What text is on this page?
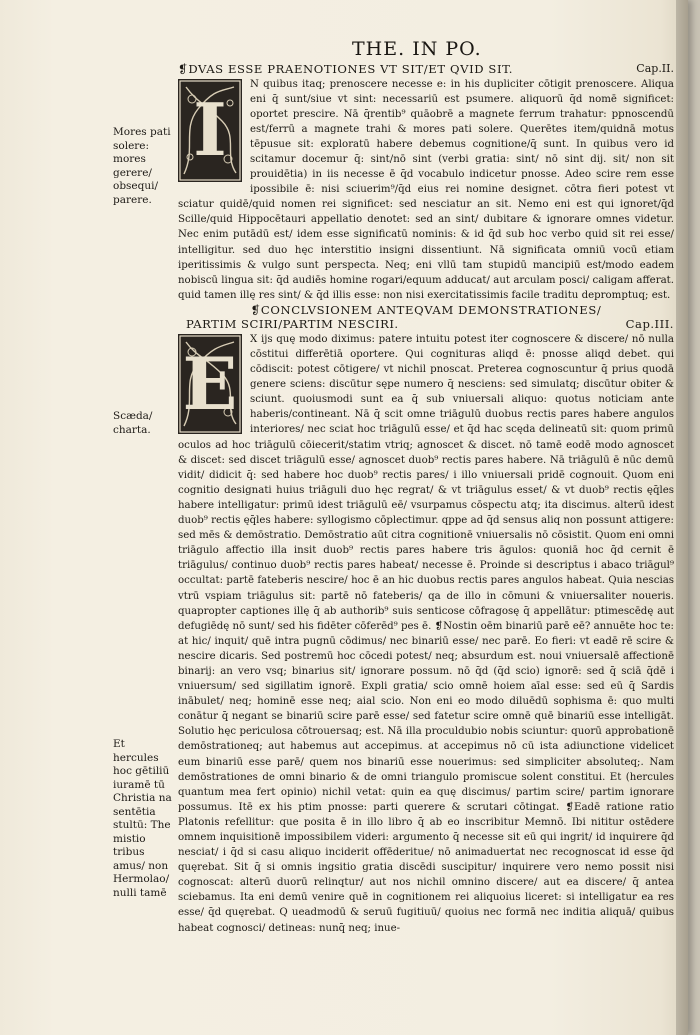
THE. IN PO.
Mores pati solere: mores gerere/ obsequi/ parere.
Scæda/ charta.
Et hercules hoc gētiliū iuramē tū Christia na sentētia stultū: The mistio tribus amus/ non Hermolao/ nulli tamē
❡DVAS ESSE PRAENOTIONES VT SIT/ET QVID SIT.	Cap.II.
I

N quibus itaq; prenoscere necesse e: in his dupliciter cōtigit prenoscere. Aliqua eni q̄ sunt/siue vt sint: necessariū est psumere. aliquorū q̄d nomē significet: oportet prescire. Nā q̄rentib⁹ quāobrē a magnete ferrum trahatur: ppnoscendū est/ferrū a magnete trahi & mores pati solere. Querētes item/quidnā motus tēpusue sit: exploratū habere debemus cognitione/q̄ sunt. In quibus vero id scitamur docemur q̄: sint/nō sint (verbi gratia: sint/ nō sint dij. sit/ non sit prouidētia) in iis necesse ē q̄d vocabulo indicetur pnosse. Adeo scire rem esse ipossibile ē: nisi sciuerim⁹/q̄d eius rei nomine designet. cōtra fieri potest vt sciatur quidē/quid nomen rei significet: sed nesciatur an sit. Nemo eni est qui ignoret/q̄d Scille/quid Hippocētauri appellatio denotet: sed an sint/ dubitare & ignorare omnes videtur. Nec enim putādū est/ idem esse significatū nominis: & id q̄d sub hoc verbo quid sit rei esse/ intelligitur. sed duo hęc interstitio insigni dissentiunt. Nā significata omniū vocū etiam iperitissimis & vulgo sunt perspecta. Neq; eni vllū tam stupidū mancipiū est/modo eadem nobiscū lingua sit: q̄d audiēs homine rogari/equum adducat/ aut arculam posci/ caligam afferat. quid tamen illę res sint/ & q̄d illis esse: non nisi exercitatissimis facile traditu depromptuq; est.

❡CONCLVSIONEM ANTEQVAM DEMONSTRATIONES/
PARTIM SCIRI/PARTIM NESCIRI.	Cap.III.
E

X ijs quę modo diximus: patere intuitu potest iter cognoscere & discere/ nō nulla cōstitui differētiā oportere. Qui cognituras aliqd ē: pnosse aliqd debet. qui cōdiscit: potest cōtigere/ vt nichil pnoscat. Preterea cognoscuntur q̄ prius quodā genere sciens: discūtur sępe numero q̄ nesciens: sed simulatq; discūtur obiter & sciunt. quoiusmodi sunt ea q̄ sub vniuersali aliquo: quotus noticiam ante haberis/contineant. Nā q̄ scit omne triāgulū duobus rectis pares habere angulos interiores/ nec sciat hoc triāgulū esse/ et q̄d hac scęda delineatū sit: quom primū oculos ad hoc triāgulū cōiecerit/statim vtriq; agnoscet & discet. nō tamē eodē modo agnoscet & discet: sed discet triāgulū esse/ agnoscet duob⁹ rectis pares habere. Nā triāgulū ē nūc demū vidit/ didicit q̄: sed habere hoc duob⁹ rectis pares/ i illo vniuersali pridē cognouit. Quom eni cognitio designati huius triāguli duo hęc regrat/ & vt triāgulus esset/ & vt duob⁹ rectis ęq̄les habere intelligatur: primū idest triāgulū eē/ vsurpamus cōspectu atq; ita discimus. alterū idest duob⁹ rectis ęq̄les habere: syllogismo cōplectimur. qppe ad q̄d sensus aliq non possunt attigere: sed mēs & demōstratio. Demōstratio aūt citra cognitionē vniuersalis nō cōsistit. Quom eni omni triāgulo affectio illa insit duob⁹ rectis pares habere tris āgulos: quoniā hoc q̄d cernit ē triāgulus/ continuo duob⁹ rectis pares habeat/ necesse ē. Proinde si descriptus i abaco triāgul⁹ occultat: partē fateberis nescire/ hoc ē an hic duobus rectis pares angulos habeat. Quia nescias vtrū vspiam triāgulus sit: partē nō fateberis/ qa de illo in cōmuni & vniuersaliter noueris. quapropter captiones illę q̄ ab authorib⁹ suis senticose cōfragosę q̄ appellātur: ptimescēdę aut defugiēdę nō sunt/ sed his fidēter cōferēd⁹ pes ē. ❡Nostin oēm binariū parē eē? annuēte hoc te: at hic/ inquit/ quē intra pugnū cōdimus/ nec binariū esse/ nec parē. Eo fieri: vt eadē rē scire & nescire dicaris. Sed postremū hoc cōcedi potest/ neq; absurdum est. noui vniuersalē affectionē binarij: an vero vsq; binarius sit/ ignorare possum. nō q̄d (q̄d scio) ignorē: sed q̄ sciā q̄dē i vniuersum/ sed sigillatim ignorē. Expli gratia/ scio omnē hoiem aīal esse: sed eū q̄ Sardis inābulet/ neq; hominē esse neq; aial scio. Non eni eo modo diluēdū sophisma ē: quo multi conātur q̄ negant se binariū scire parē esse/ sed fatetur scire omnē quē binariū esse intelligāt. Solutio hęc periculosa cōtrouersaq; est. Nā illa proculdubio nobis sciuntur: quorū approbationē demōstrationeq; aut habemus aut accepimus. at accepimus nō cū ista adiunctione videlicet eum binariū esse parē/ quem nos binariū esse nouerimus: sed simpliciter absoluteq;. Nam demōstrationes de omni binario & de omni triangulo promiscue solent constitui. Et (hercules quantum mea fert opinio) nichil vetat: quin ea quę discimus/ partim scire/ partim ignorare possumus. Itē ex his ptim pnosse: parti querere & scrutari cōtingat. ❡Eadē ratione ratio Platonis refellitur: que posita ē in illo libro q̄ ab eo inscribitur Memnō. Ibi nititur ostēdere omnem inquisitionē impossibilem videri: argumento q̄ necesse sit eū qui ingrit/ id inquirere q̄d nesciat/ i q̄d si casu aliquo inciderit offēderitue/ nō animaduertat nec recognoscat id esse q̄d quęrebat. Sit q̄ si omnis ingsitio gratia discēdi suscipitur/ inquirere vero nemo possit nisi cognoscat: alterū duorū relinqtur/ aut nos nichil omnino discere/ aut ea discere/ q̄ antea sciebamus. Ita eni demū venire quē in cognitionem rei aliquoius liceret: si intelligatur ea res esse/ q̄d quęrebat. Q ueadmodū & seruū fugitiuū/ quoius nec formā nec inditia aliquā/ quibus habeat cognosci/ detineas: nunq̄ neq; inue-
